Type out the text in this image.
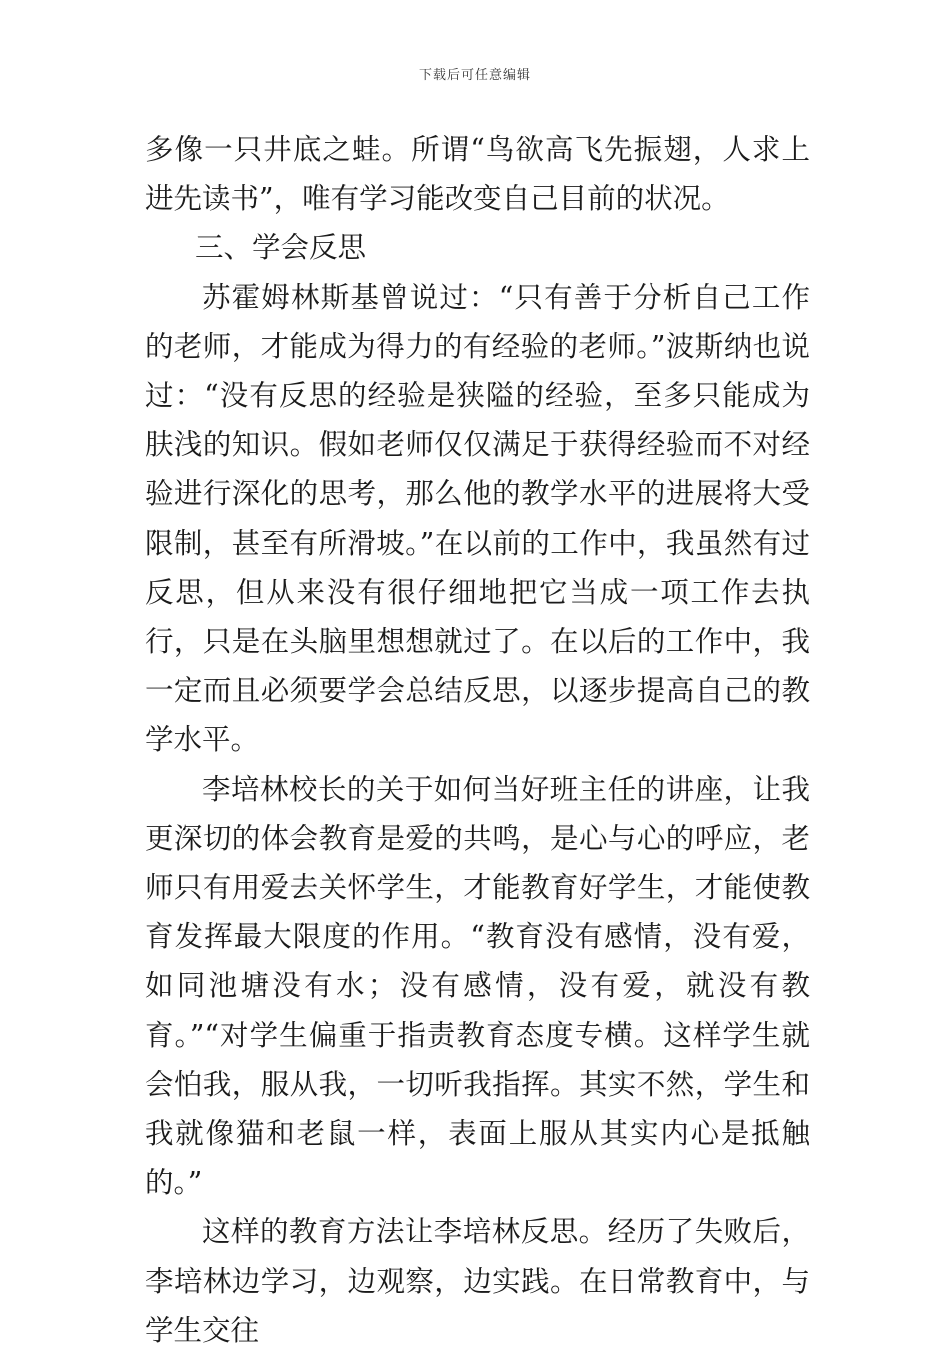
下载后可任意编辑

多像一只井底之蛙。所谓“鸟欲高飞先振翅，人求上进先读书”，唯有学习能改变自己目前的状况。

三、学会反思

苏霍姆林斯基曾说过：“只有善于分析自己工作的老师，才能成为得力的有经验的老师。”波斯纳也说过：“没有反思的经验是狭隘的经验，至多只能成为肤浅的知识。假如老师仅仅满足于获得经验而不对经验进行深化的思考，那么他的教学水平的进展将大受限制，甚至有所滑坡。”在以前的工作中，我虽然有过反思，但从来没有很仔细地把它当成一项工作去执行，只是在头脑里想想就过了。在以后的工作中，我一定而且必须要学会总结反思，以逐步提高自己的教学水平。

李培林校长的关于如何当好班主任的讲座，让我更深切的体会教育是爱的共鸣，是心与心的呼应，老师只有用爱去关怀学生，才能教育好学生，才能使教育发挥最大限度的作用。“教育没有感情，没有爱，如同池塘没有水；没有感情，没有爱，就没有教育。”“对学生偏重于指责教育态度专横。这样学生就会怕我，服从我，一切听我指挥。其实不然，学生和我就像猫和老鼠一样，表面上服从其实内心是抵触的。”

这样的教育方法让李培林反思。经历了失败后，李培林边学习，边观察，边实践。在日常教育中，与学生交往
